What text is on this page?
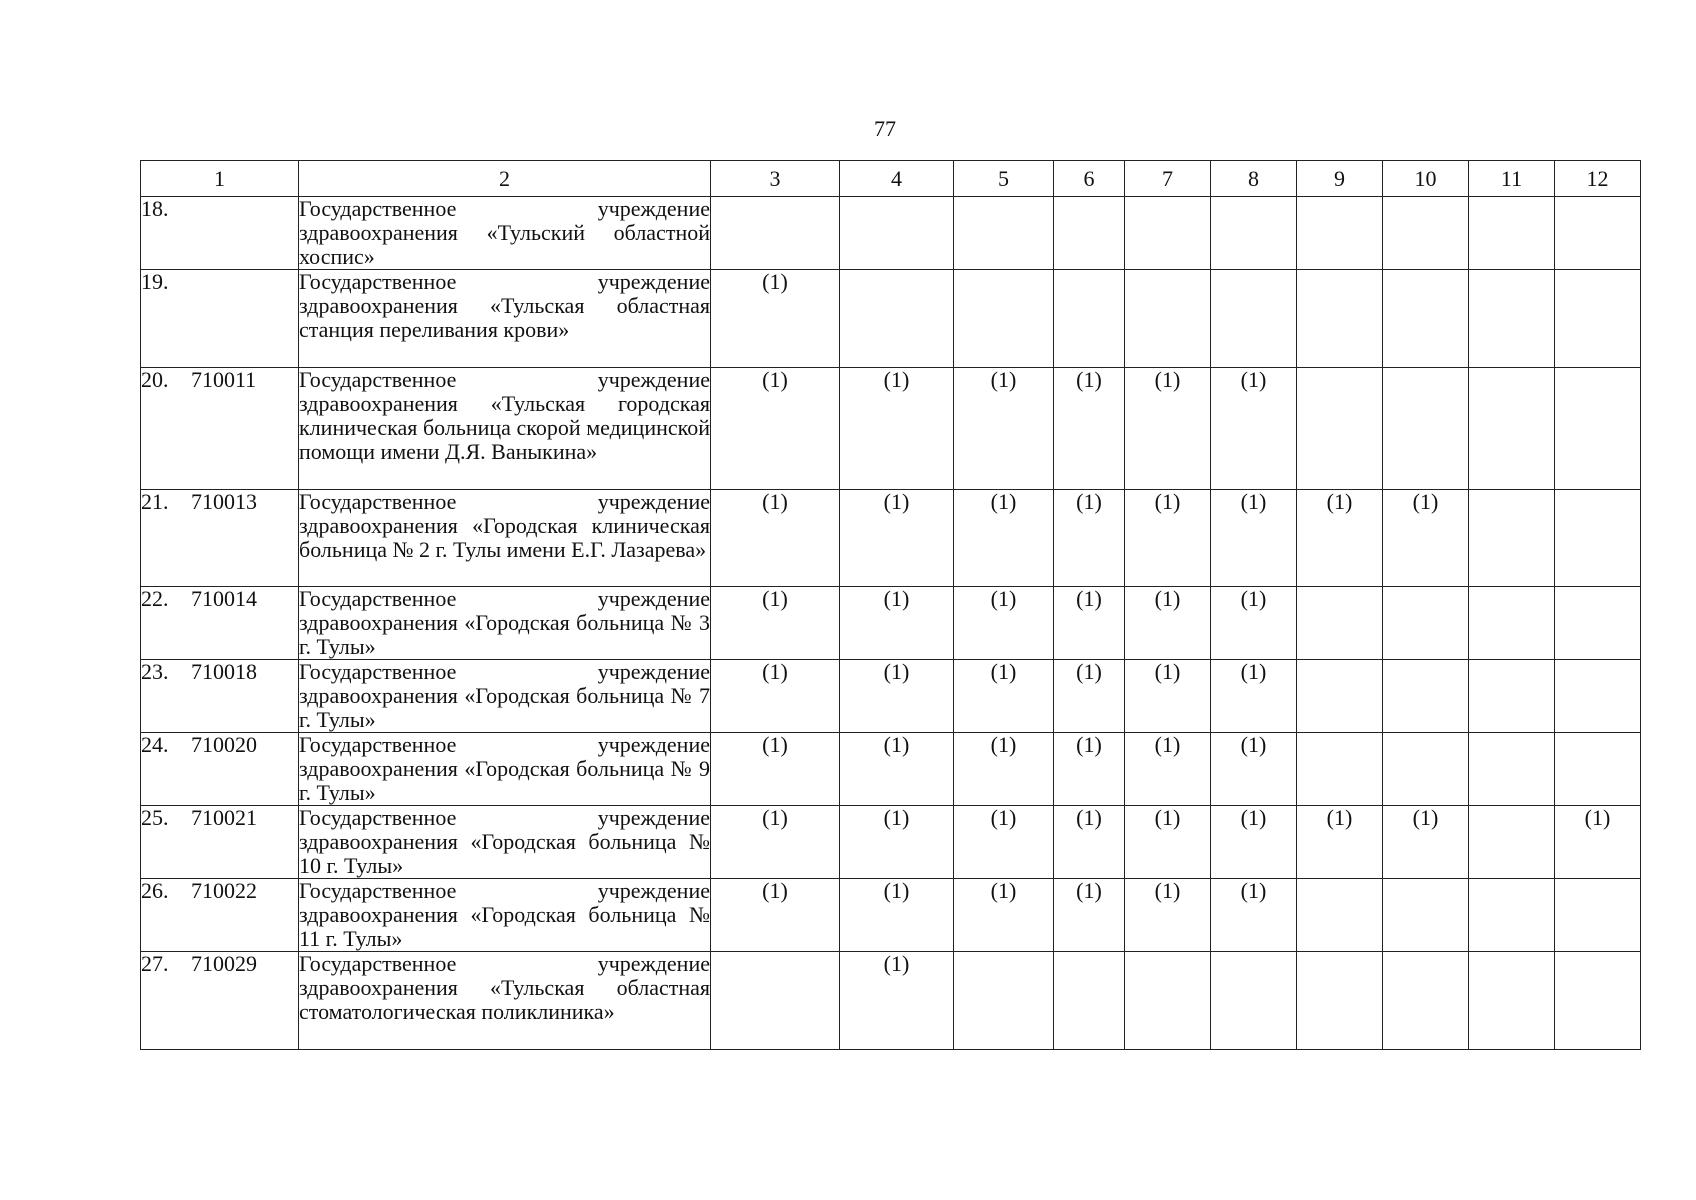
77
1	2	3	4	5	6	7	8	9	10	11	12
18.	Государственное учреждение здравоохранения «Тульский областной хоспис»										
19.	Государственное учреждение здравоохранения «Тульская областная станция переливания крови»	(1)									
20. 710011	Государственное учреждение здравоохранения «Тульская городская клиническая больница скорой медицинской помощи имени Д.Я. Ваныкина»	(1)	(1)	(1)	(1)	(1)	(1)				
21. 710013	Государственное учреждение здравоохранения «Городская клиническая больница № 2 г. Тулы имени Е.Г. Лазарева»	(1)	(1)	(1)	(1)	(1)	(1)	(1)	(1)		
22. 710014	Государственное учреждение здравоохранения «Городская больница № 3 г. Тулы»	(1)	(1)	(1)	(1)	(1)	(1)				
23. 710018	Государственное учреждение здравоохранения «Городская больница № 7 г. Тулы»	(1)	(1)	(1)	(1)	(1)	(1)				
24. 710020	Государственное учреждение здравоохранения «Городская больница № 9 г. Тулы»	(1)	(1)	(1)	(1)	(1)	(1)				
25. 710021	Государственное учреждение здравоохранения «Городская больница № 10 г. Тулы»	(1)	(1)	(1)	(1)	(1)	(1)	(1)	(1)		(1)
26. 710022	Государственное учреждение здравоохранения «Городская больница № 11 г. Тулы»	(1)	(1)	(1)	(1)	(1)	(1)				
27. 710029	Государственное учреждение здравоохранения «Тульская областная стоматологическая поликлиника»		(1)								
